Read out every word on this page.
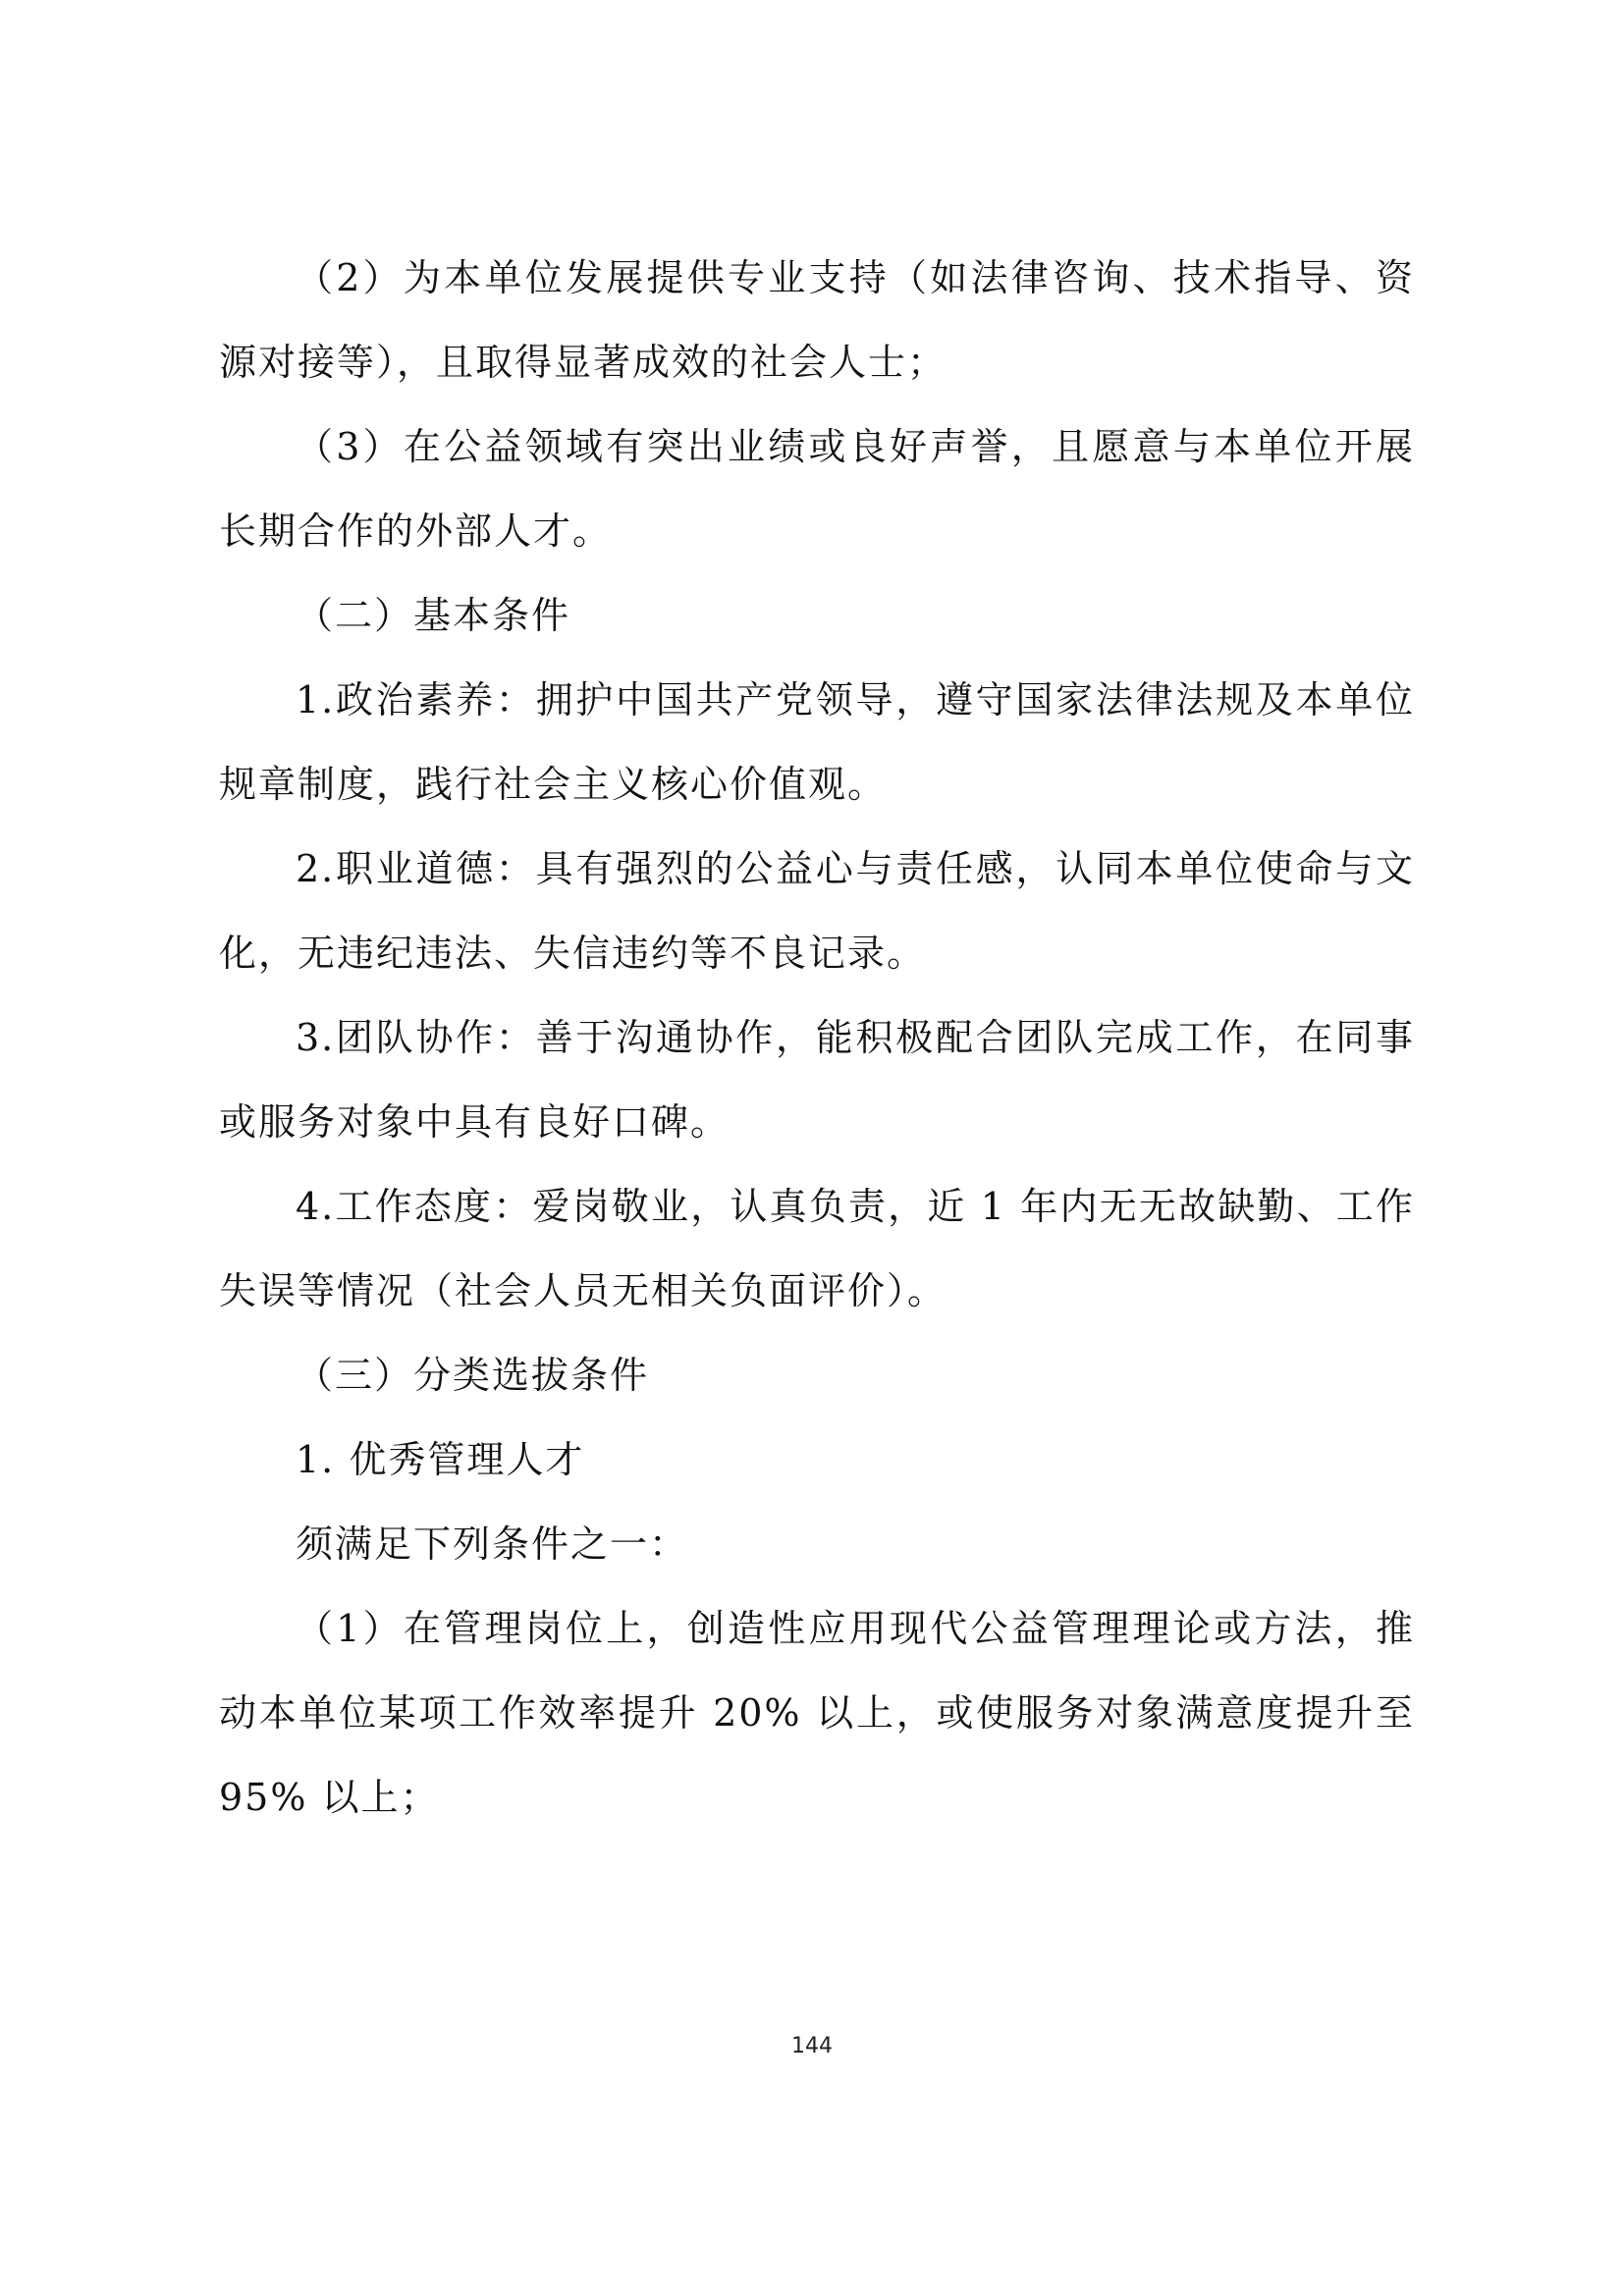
（2）为本单位发展提供专业支持（如法律咨询、技术指导、资源对接等），且取得显著成效的社会人士；

（3）在公益领域有突出业绩或良好声誉，且愿意与本单位开展长期合作的外部人才。

（二）基本条件

1.政治素养：拥护中国共产党领导，遵守国家法律法规及本单位规章制度，践行社会主义核心价值观。

2.职业道德：具有强烈的公益心与责任感，认同本单位使命与文化，无违纪违法、失信违约等不良记录。

3.团队协作：善于沟通协作，能积极配合团队完成工作，在同事或服务对象中具有良好口碑。

4.工作态度：爱岗敬业，认真负责，近 1 年内无无故缺勤、工作失误等情况（社会人员无相关负面评价）。

（三）分类选拔条件

1. 优秀管理人才

须满足下列条件之一：

（1）在管理岗位上，创造性应用现代公益管理理论或方法，推动本单位某项工作效率提升 20% 以上，或使服务对象满意度提升至 95% 以上；

144
